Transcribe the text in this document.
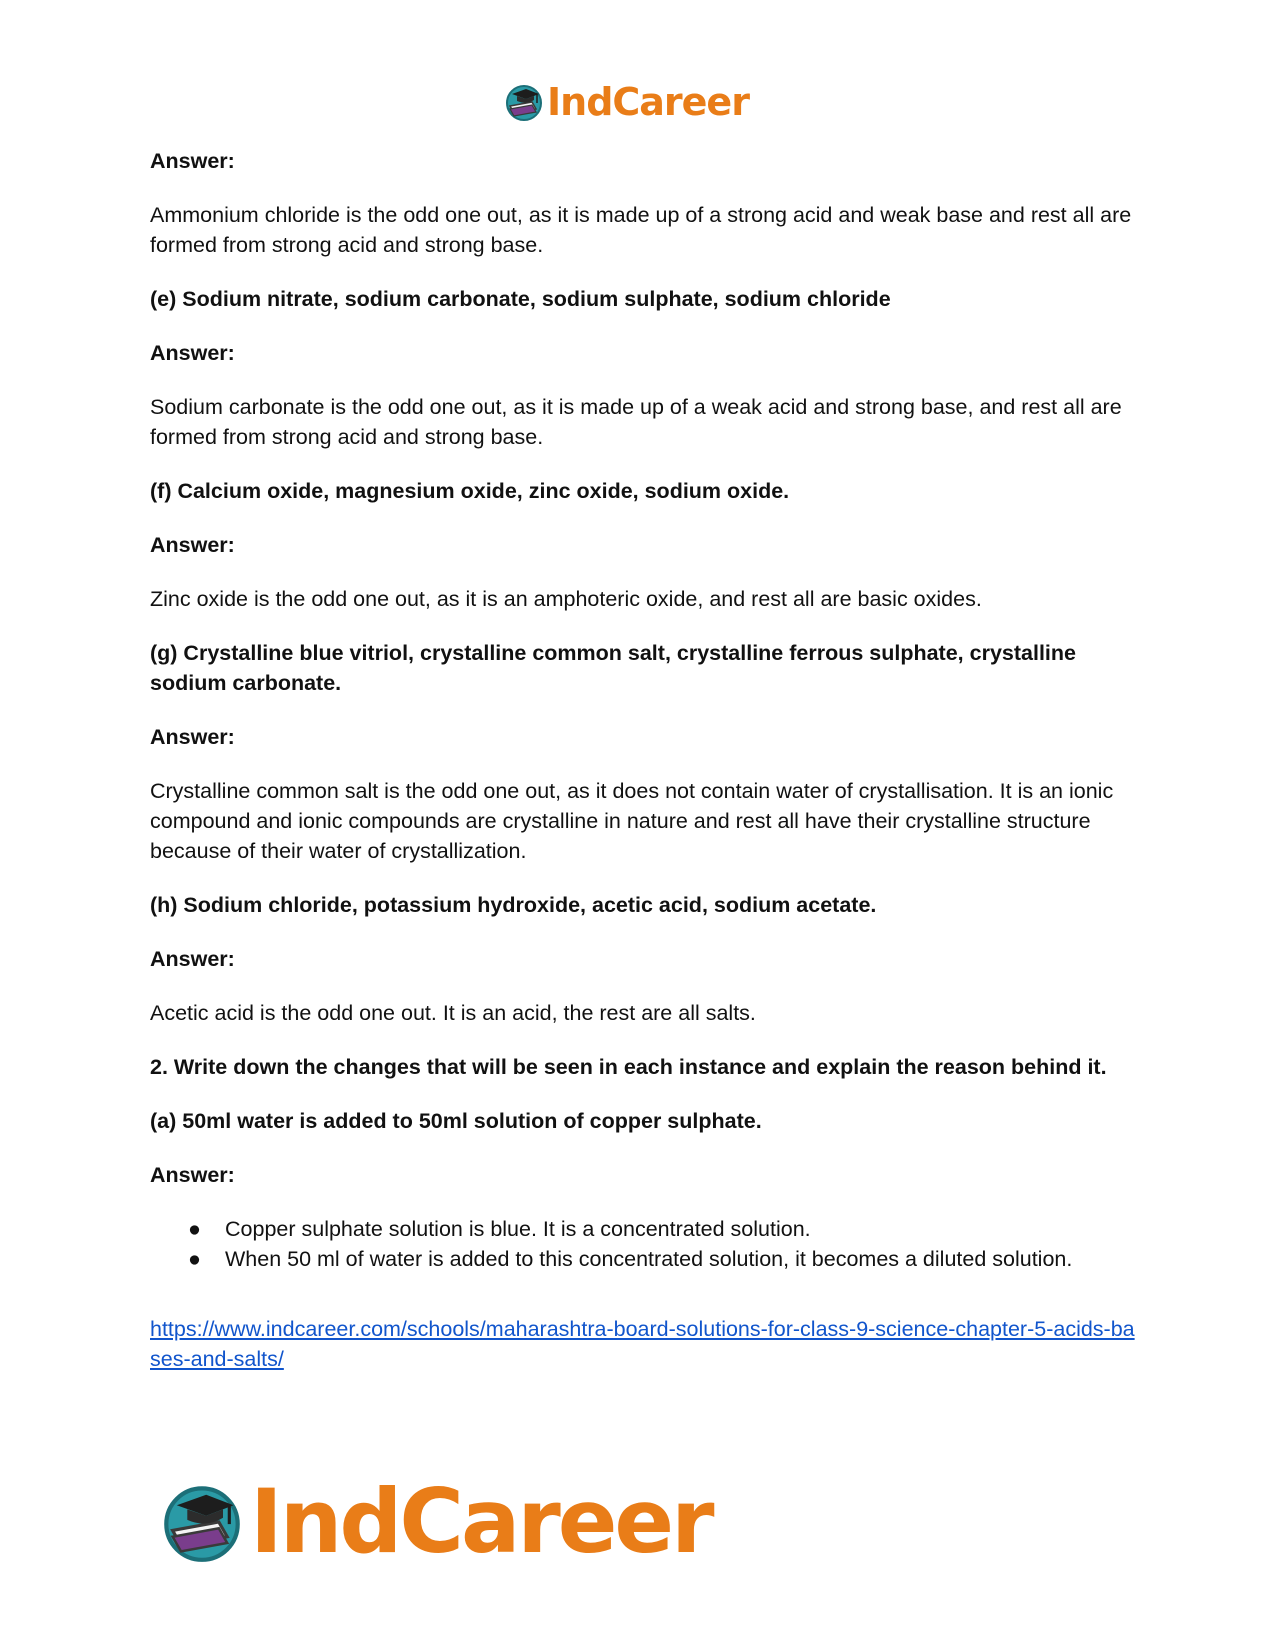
IndCareer

Answer:

Ammonium chloride is the odd one out, as it is made up of a strong acid and weak base and rest all are formed from strong acid and strong base.

(e) Sodium nitrate, sodium carbonate, sodium sulphate, sodium chloride

Answer:

Sodium carbonate is the odd one out, as it is made up of a weak acid and strong base, and rest all are formed from strong acid and strong base.

(f) Calcium oxide, magnesium oxide, zinc oxide, sodium oxide.

Answer:

Zinc oxide is the odd one out, as it is an amphoteric oxide, and rest all are basic oxides.

(g) Crystalline blue vitriol, crystalline common salt, crystalline ferrous sulphate, crystalline sodium carbonate.

Answer:

Crystalline common salt is the odd one out, as it does not contain water of crystallisation. It is an ionic compound and ionic compounds are crystalline in nature and rest all have their crystalline structure because of their water of crystallization.

(h) Sodium chloride, potassium hydroxide, acetic acid, sodium acetate.

Answer:

Acetic acid is the odd one out. It is an acid, the rest are all salts.

2. Write down the changes that will be seen in each instance and explain the reason behind it.

(a) 50ml water is added to 50ml solution of copper sulphate.

Answer:

● Copper sulphate solution is blue. It is a concentrated solution.
● When 50 ml of water is added to this concentrated solution, it becomes a diluted solution.
https://www.indcareer.com/schools/maharashtra-board-solutions-for-class-9-science-chapter-5-acids-bases-and-salts/
IndCareer
